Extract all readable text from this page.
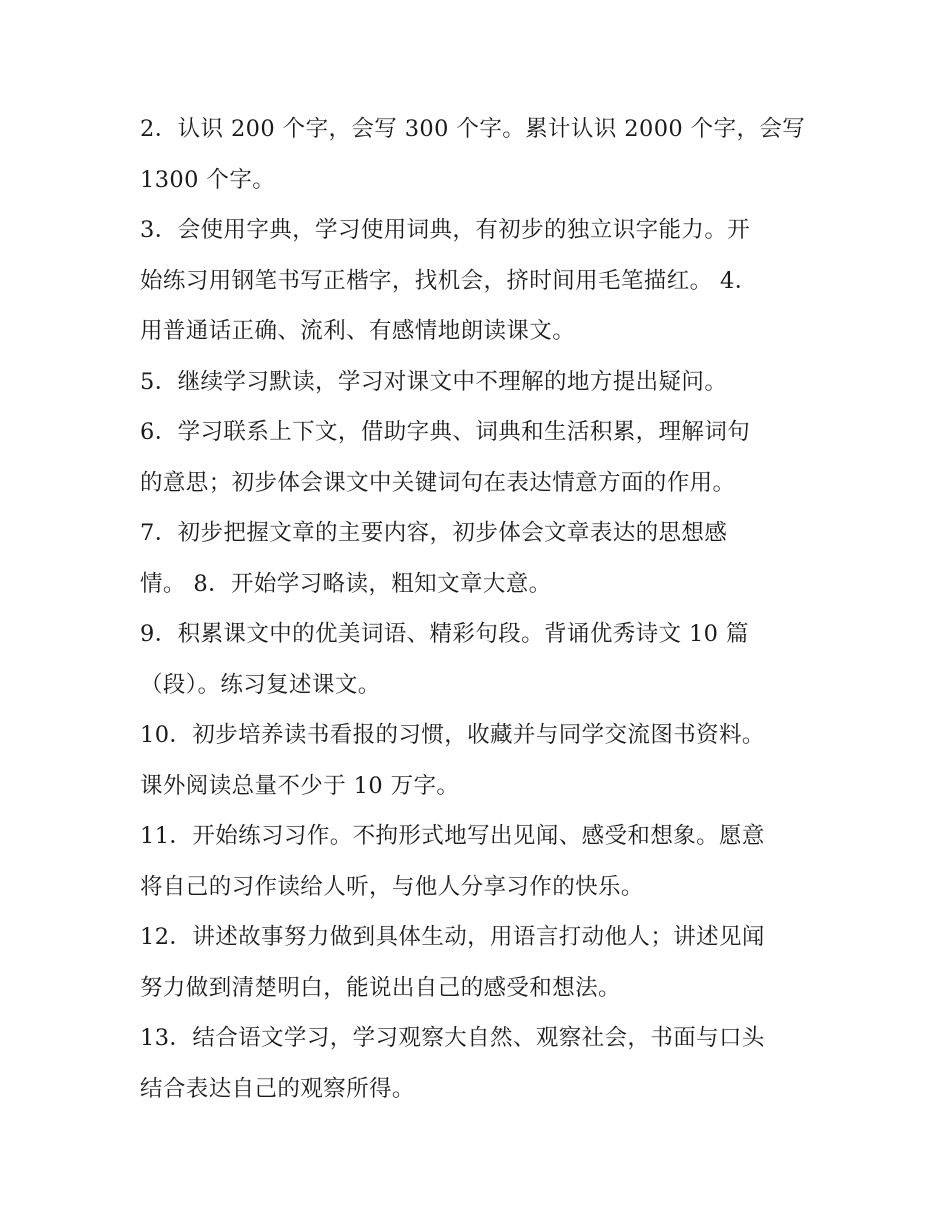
2．认识 200 个字，会写 300 个字。累计认识 2000 个字，会写
1300 个字。
3．会使用字典，学习使用词典，有初步的独立识字能力。开
始练习用钢笔书写正楷字，找机会，挤时间用毛笔描红。 4．
用普通话正确、流利、有感情地朗读课文。
5．继续学习默读，学习对课文中不理解的地方提出疑问。
6．学习联系上下文，借助字典、词典和生活积累，理解词句
的意思；初步体会课文中关键词句在表达情意方面的作用。
7．初步把握文章的主要内容，初步体会文章表达的思想感
情。 8．开始学习略读，粗知文章大意。
9．积累课文中的优美词语、精彩句段。背诵优秀诗文 10 篇
（段）。练习复述课文。
10．初步培养读书看报的习惯，收藏并与同学交流图书资料。
课外阅读总量不少于 10 万字。
11．开始练习习作。不拘形式地写出见闻、感受和想象。愿意
将自己的习作读给人听，与他人分享习作的快乐。
12．讲述故事努力做到具体生动，用语言打动他人；讲述见闻
努力做到清楚明白，能说出自己的感受和想法。
13．结合语文学习，学习观察大自然、观察社会，书面与口头
结合表达自己的观察所得。
